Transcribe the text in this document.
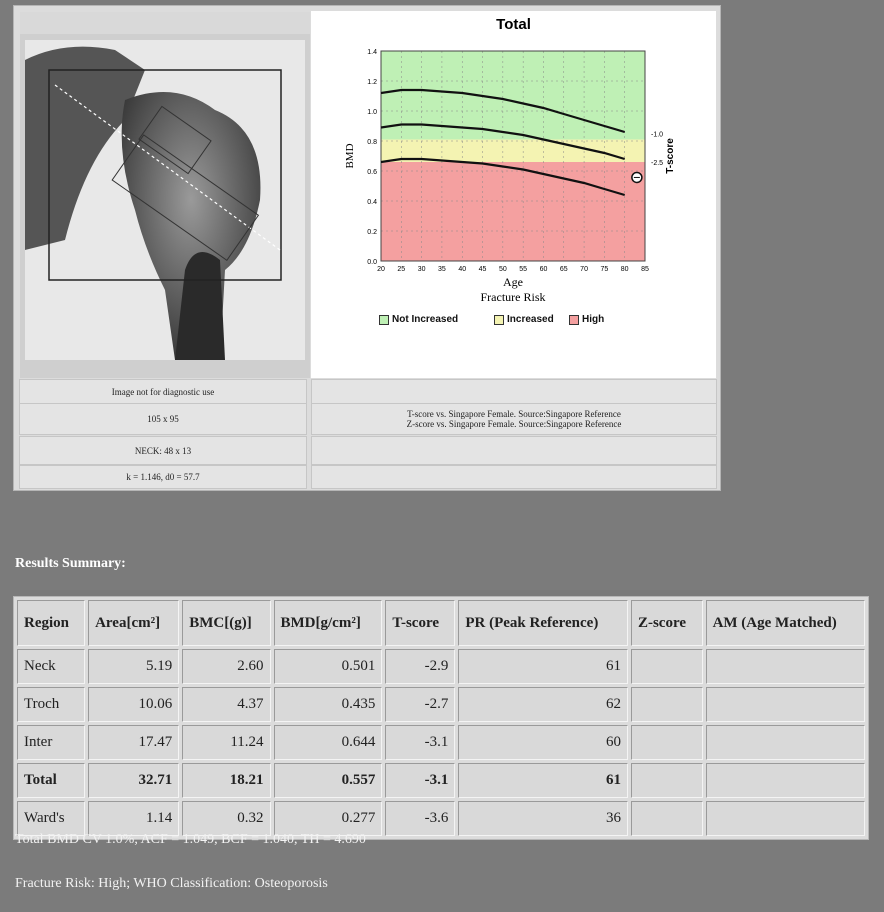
Total
0.0
0.2
0.4
0.6
0.8
1.0
1.2
1.4
20 25 30 35 40 45 50 55 60 65 70 75 80 85
BMD	T-score
-1.0
-2.5
Age
Fracture Risk
Not Increased	Increased	High
Image not for diagnostic use
105 x 95	T-score vs. Singapore Female. Source:Singapore Reference
Z-score vs. Singapore Female. Source:Singapore Reference
NECK: 48 x 13
k = 1.146, d0 = 57.7
Results Summary:
Region	Area[cm²]	BMC[(g)]	BMD[g/cm²]	T-score	PR (Peak Reference)	Z-score	AM (Age Matched)
Neck	5.19	2.60	0.501	-2.9	61		
Troch	10.06	4.37	0.435	-2.7	62		
Inter	17.47	11.24	0.644	-3.1	60		
Total	32.71	18.21	0.557	-3.1	61		
Ward's	1.14	0.32	0.277	-3.6	36		
Total BMD CV 1.0%, ACF = 1.049, BCF = 1.040, TH = 4.690
Fracture Risk: High; WHO Classification: Osteoporosis
